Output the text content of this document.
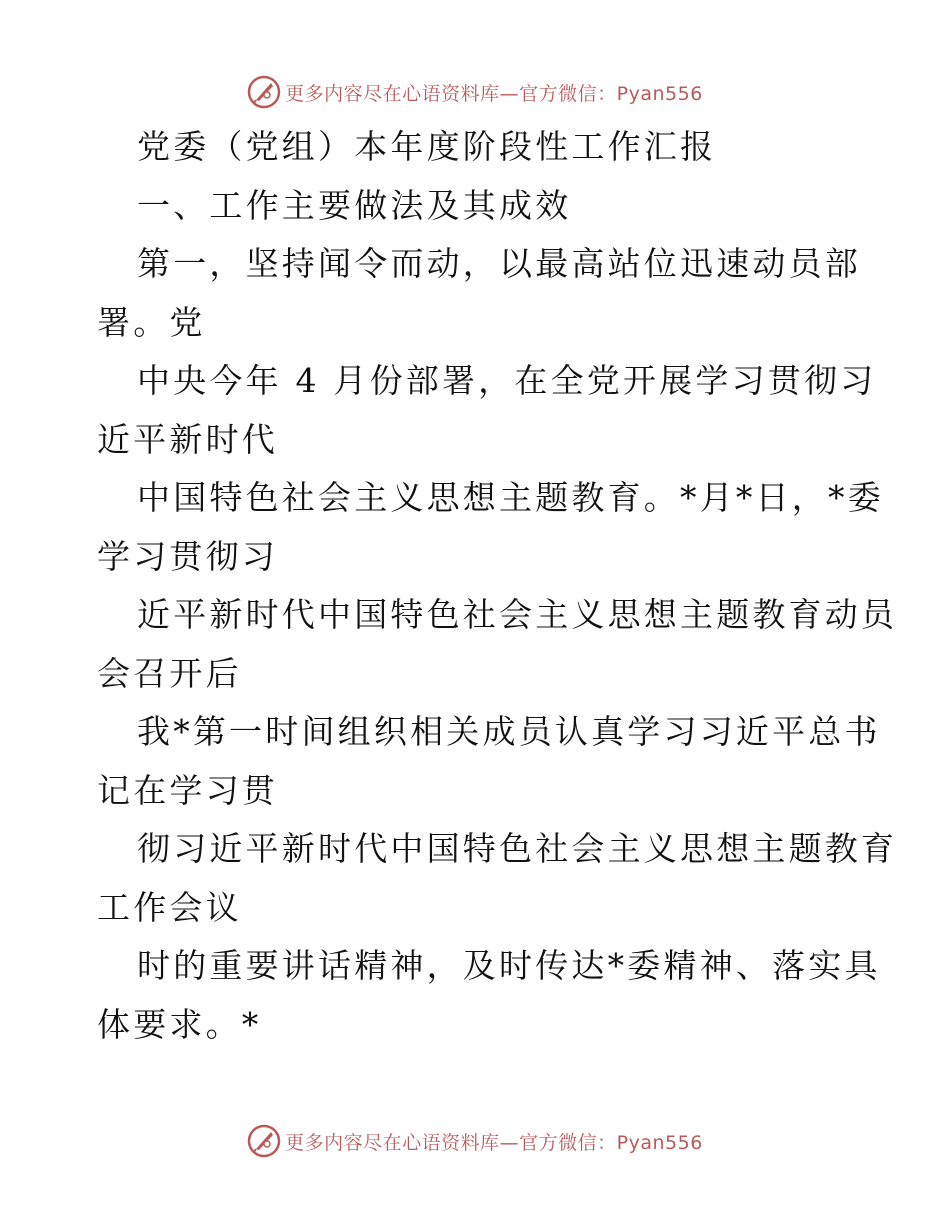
更多内容尽在心语资料库—官方微信：Pyan556
党委（党组）本年度阶段性工作汇报
一、工作主要做法及其成效
第一，坚持闻令而动，以最高站位迅速动员部
署。党
中央今年 4 月份部署，在全党开展学习贯彻习
近平新时代
中国特色社会主义思想主题教育。*月*日，*委
学习贯彻习
近平新时代中国特色社会主义思想主题教育动员
会召开后
我*第一时间组织相关成员认真学习习近平总书
记在学习贯
彻习近平新时代中国特色社会主义思想主题教育
工作会议
时的重要讲话精神，及时传达*委精神、落实具
体要求。*
更多内容尽在心语资料库—官方微信：Pyan556
